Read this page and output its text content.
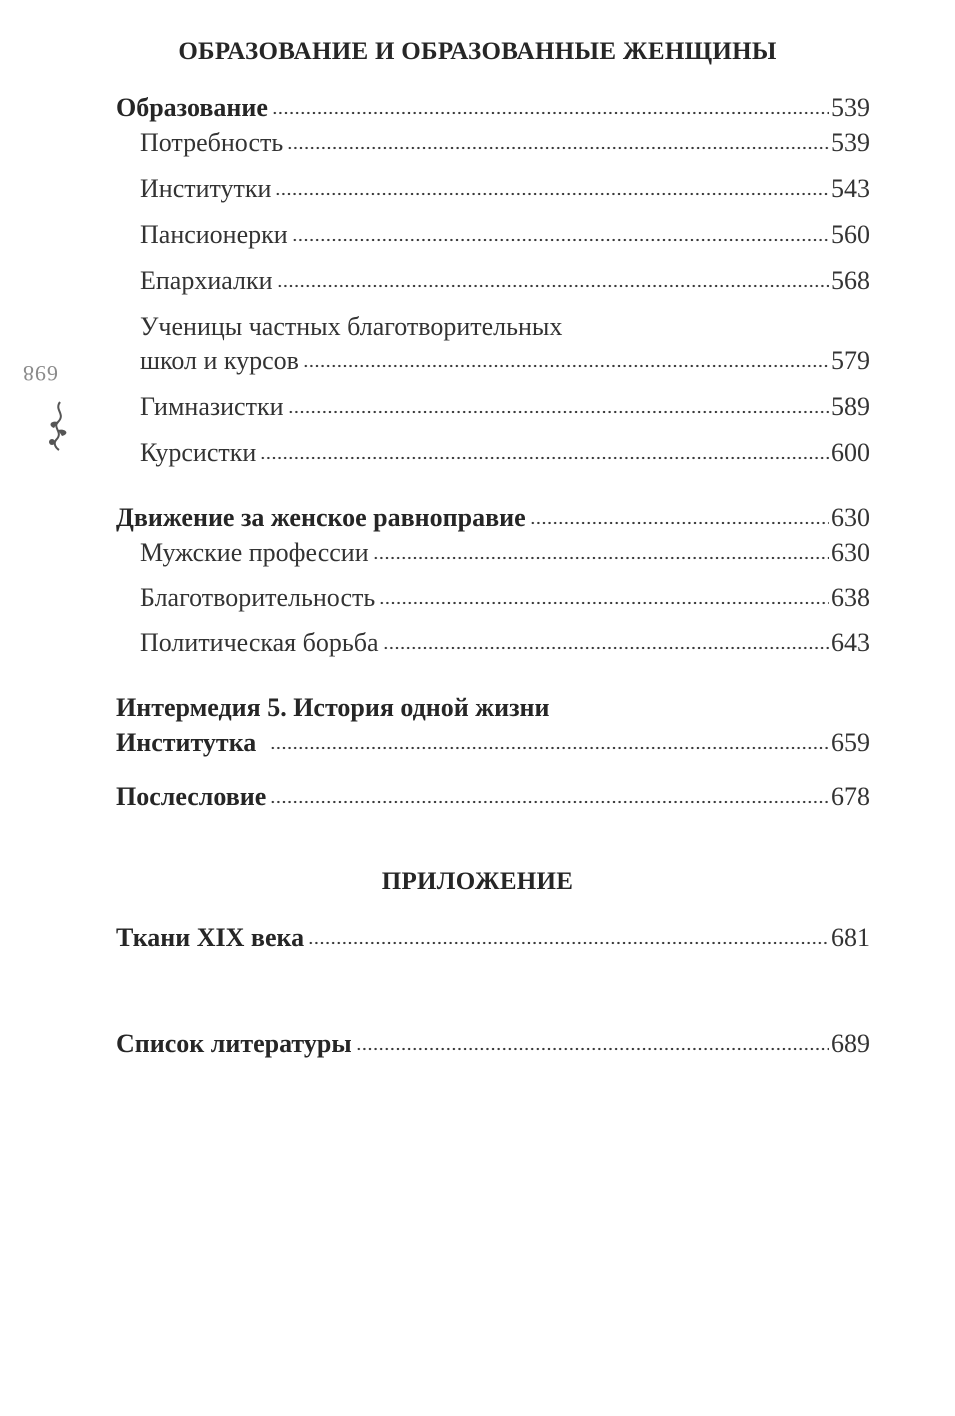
698
ОБРАЗОВАНИЕ И ОБРАЗОВАННЫЕ ЖЕНЩИНЫ
Образование	539
Потребность	539
Институтки	543
Пансионерки	560
Епархиалки	568
Ученицы частных благотворительных
школ и курсов	579
Гимназистки	589
Курсистки	600
Движение за женское равноправие	630
Мужские профессии	630
Благотворительность	638
Политическая борьба	643
Интермедия 5. История одной жизни
Институтка	659
Послесловие	678
ПРИЛОЖЕНИЕ
Ткани XIX века	681
Список литературы	689
